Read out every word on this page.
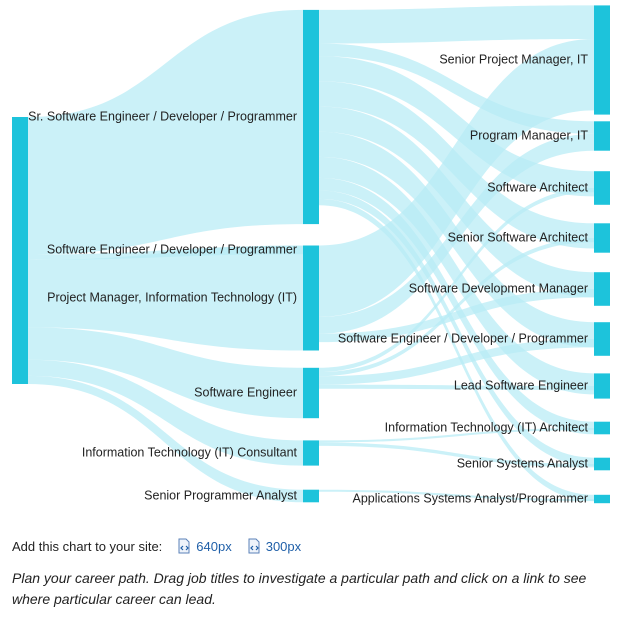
Sr. Software Engineer / Developer / Programmer
Software Engineer / Developer / Programmer
Project Manager, Information Technology (IT)
Software Engineer
Information Technology (IT) Consultant
Senior Programmer Analyst
Senior Project Manager, IT
Program Manager, IT
Software Architect
Senior Software Architect
Software Development Manager
Software Engineer / Developer / Programmer
Lead Software Engineer
Information Technology (IT) Architect
Senior Systems Analyst
Applications Systems Analyst/Programmer
Add this chart to your site:	640px	300px
Plan your career path. Drag job titles to investigate a particular path and click on a link to see where particular career can lead.
